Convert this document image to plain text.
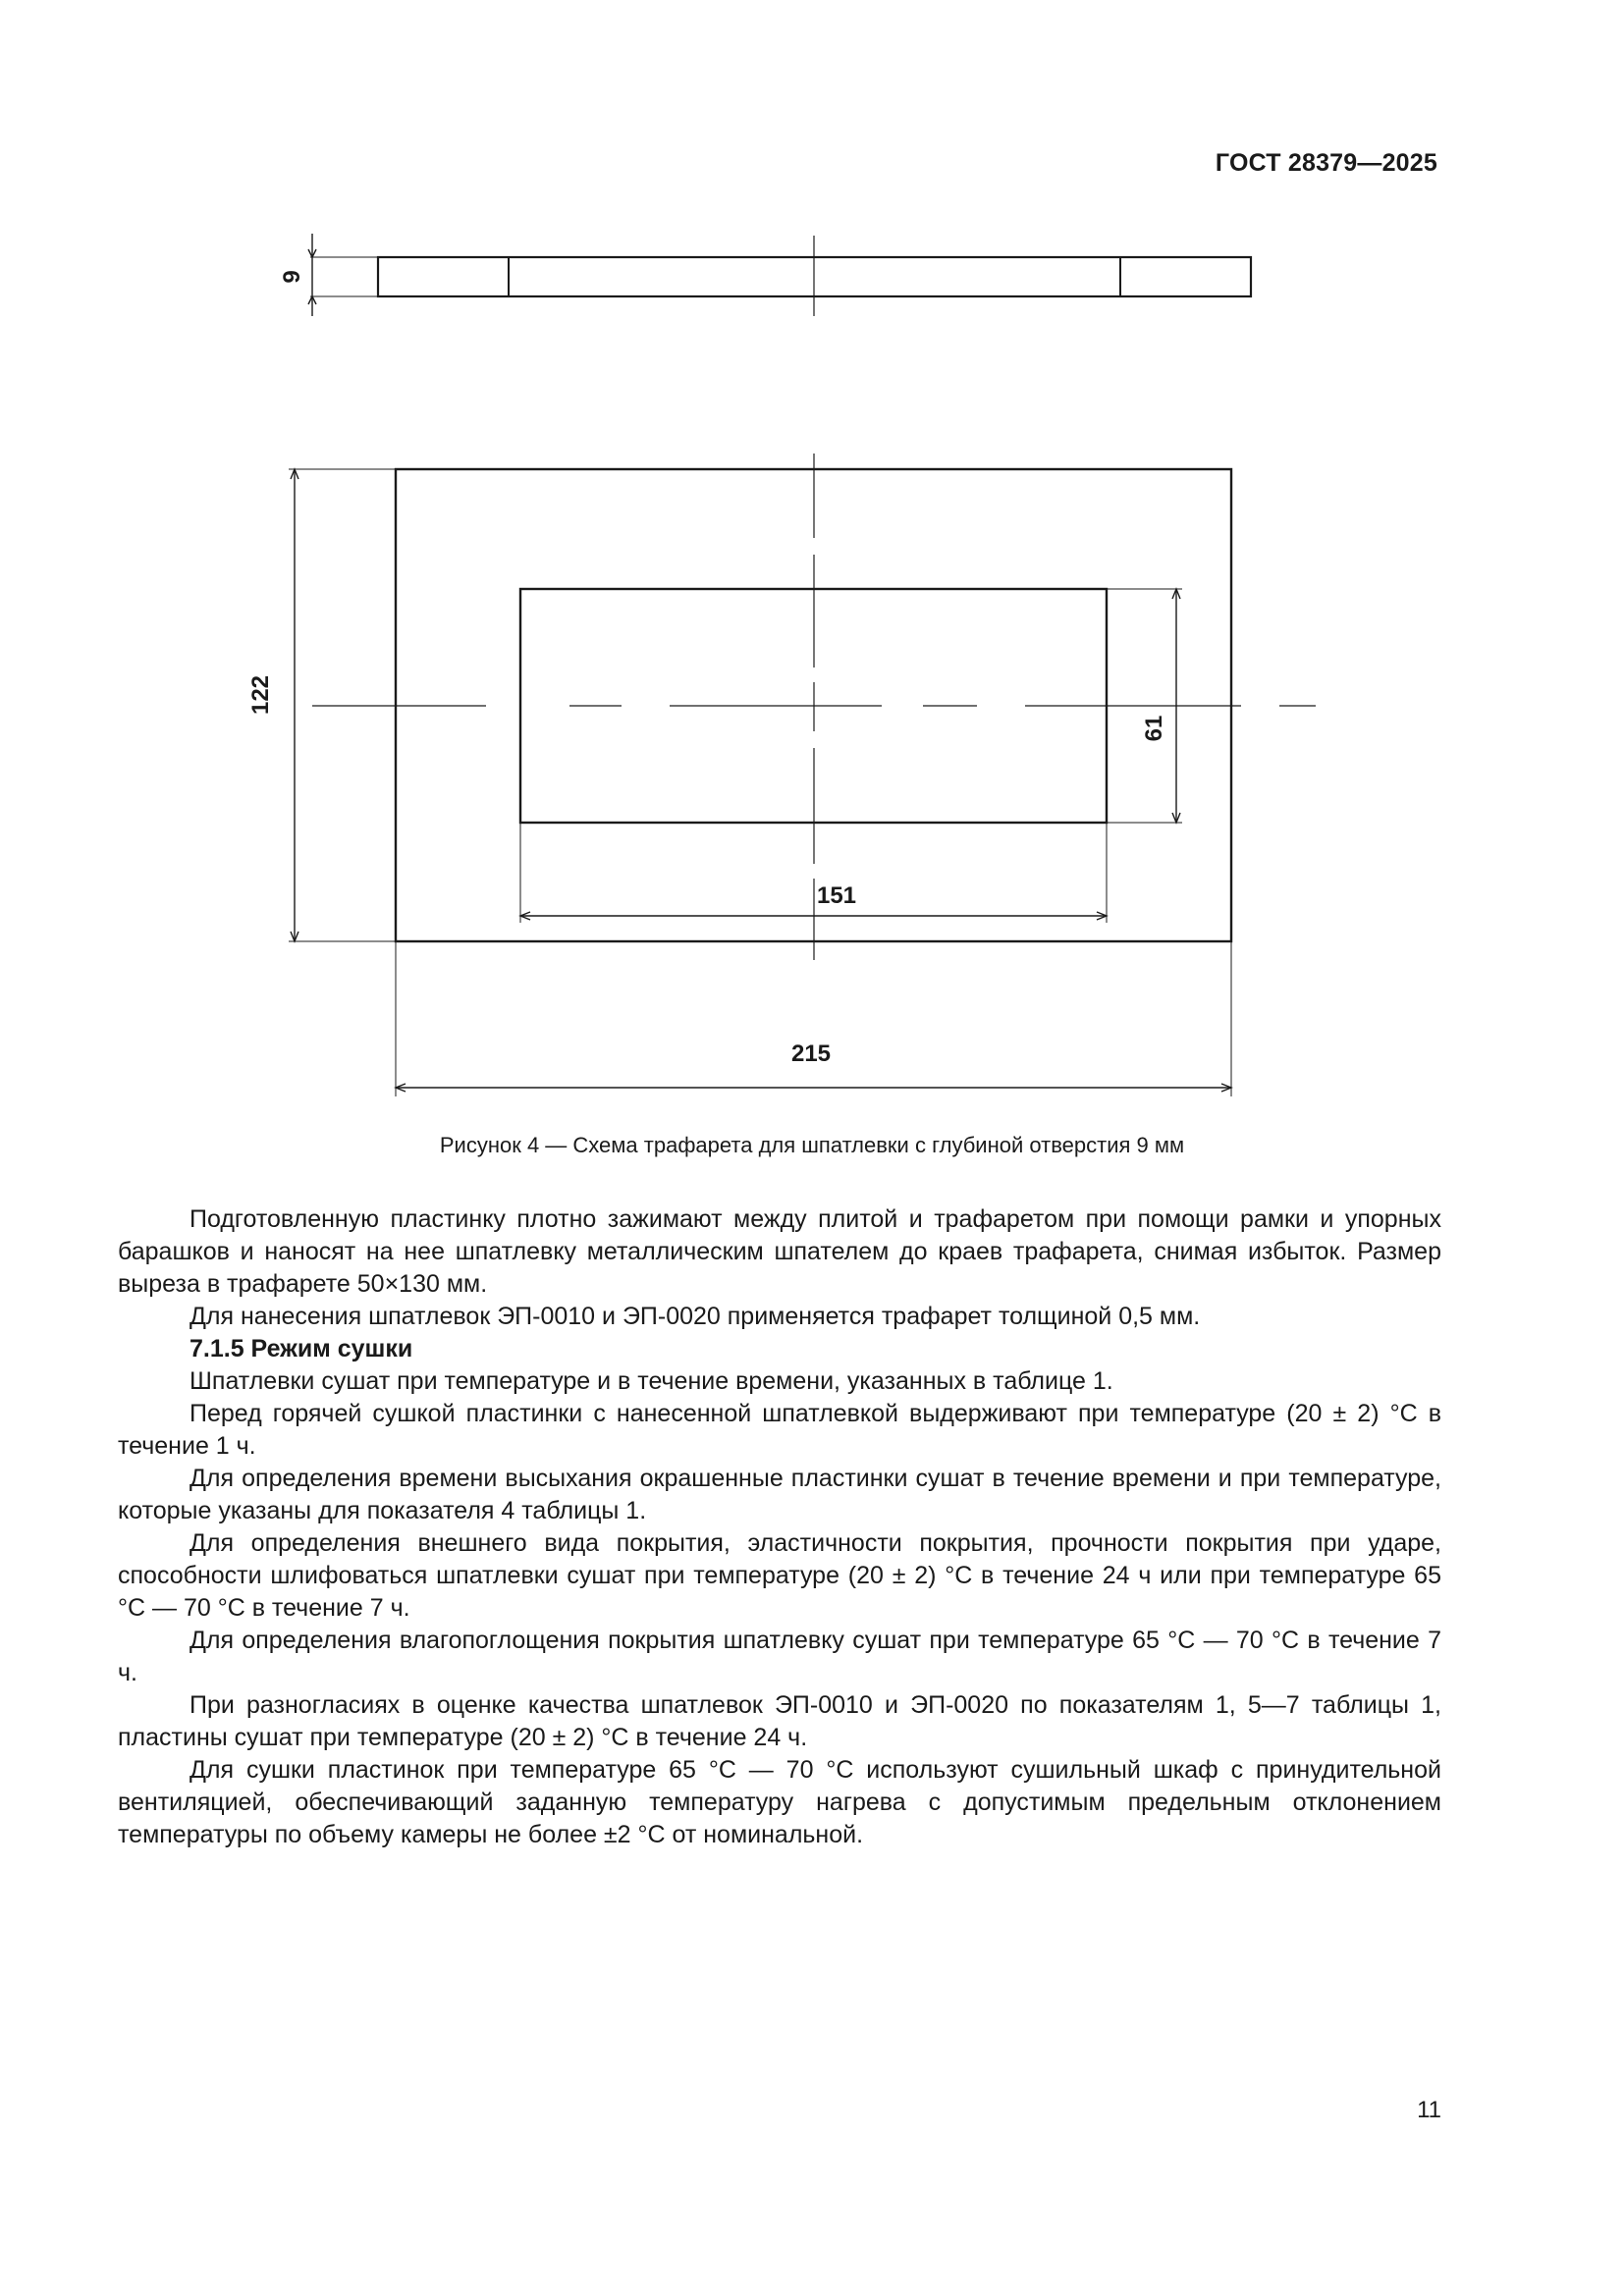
ГОСТ 28379—2025
9
122
61
151
215
Рисунок 4 — Схема трафарета для шпатлевки с глубиной отверстия 9 мм

Подготовленную пластинку плотно зажимают между плитой и трафаретом при помощи рамки и упорных барашков и наносят на нее шпатлевку металлическим шпателем до краев трафарета, снимая избыток. Размер выреза в трафарете 50×130 мм.

Для нанесения шпатлевок ЭП-0010 и ЭП-0020 применяется трафарет толщиной 0,5 мм.

7.1.5 Режим сушки

Шпатлевки сушат при температуре и в течение времени, указанных в таблице 1.

Перед горячей сушкой пластинки с нанесенной шпатлевкой выдерживают при температуре (20 ± 2) °С в течение 1 ч.

Для определения времени высыхания окрашенные пластинки сушат в течение времени и при температуре, которые указаны для показателя 4 таблицы 1.

Для определения внешнего вида покрытия, эластичности покрытия, прочности покрытия при ударе, способности шлифоваться шпатлевки сушат при температуре (20 ± 2) °С в течение 24 ч или при температуре 65 °С — 70 °С в течение 7 ч.

Для определения влагопоглощения покрытия шпатлевку сушат при температуре 65 °С — 70 °С в течение 7 ч.

При разногласиях в оценке качества шпатлевок ЭП-0010 и ЭП-0020 по показателям 1, 5—7 таблицы 1, пластины сушат при температуре (20 ± 2) °С в течение 24 ч.

Для сушки пластинок при температуре 65 °С — 70 °С используют сушильный шкаф с принудительной вентиляцией, обеспечивающий заданную температуру нагрева с допустимым предельным отклонением температуры по объему камеры не более ±2 °С от номинальной.

11
